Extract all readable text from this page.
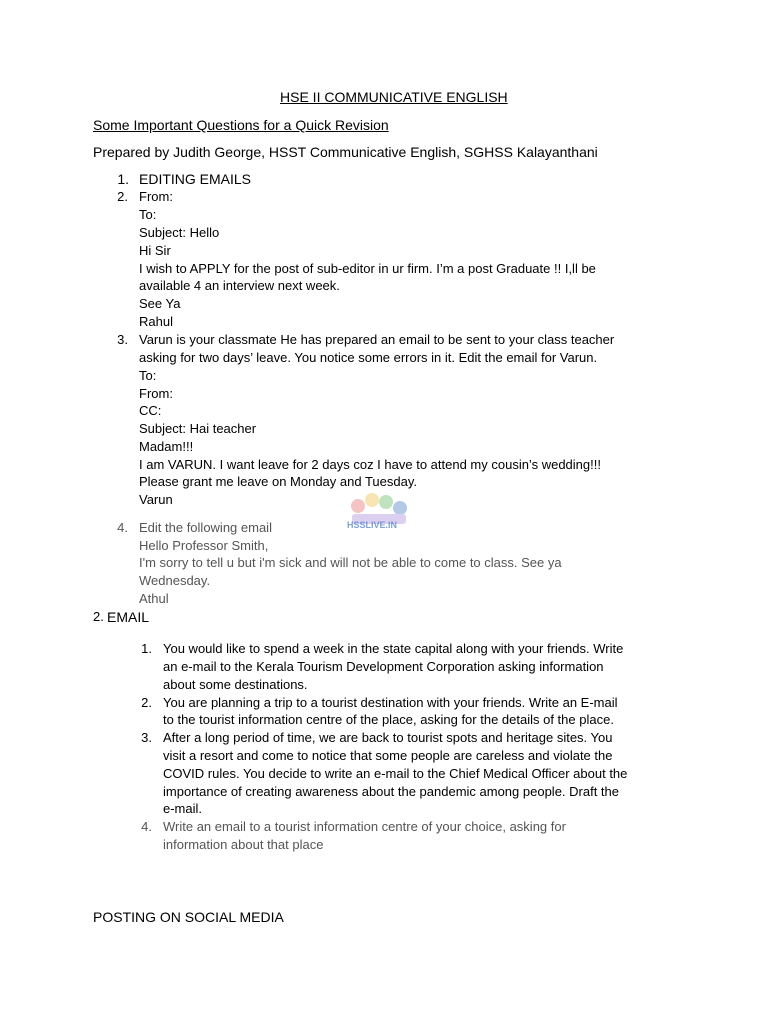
HSE II COMMUNICATIVE ENGLISH
Some Important Questions for a Quick Revision
Prepared by Judith George, HSST Communicative English, SGHSS Kalayanthani
1. EDITING EMAILS
2. From:
To:
Subject: Hello
Hi Sir
I wish to APPLY for the post of sub-editor in ur firm. I’m a post Graduate !! I,ll be
available 4 an interview next week.
See Ya
Rahul
3. Varun is your classmate He has prepared an email to be sent to your class teacher
asking for two days’ leave. You notice some errors in it. Edit the email for Varun.
To:
From:
CC:
Subject: Hai teacher
Madam!!!
I am VARUN. I want leave for 2 days coz I have to attend my cousin’s wedding!!!
Please grant me leave on Monday and Tuesday.
Varun
HSSLIVE.IN
4. Edit the following email
Hello Professor Smith,
I'm sorry to tell u but i'm sick and will not be able to come to class. See ya
Wednesday.
Athul
2. EMAIL
1. You would like to spend a week in the state capital along with your friends. Write
an e-mail to the Kerala Tourism Development Corporation asking information
about some destinations.
2. You are planning a trip to a tourist destination with your friends. Write an E-mail
to the tourist information centre of the place, asking for the details of the place.
3. After a long period of time, we are back to tourist spots and heritage sites. You
visit a resort and come to notice that some people are careless and violate the
COVID rules. You decide to write an e-mail to the Chief Medical Officer about the
importance of creating awareness about the pandemic among people. Draft the
e-mail.
4. Write an email to a tourist information centre of your choice, asking for
information about that place
POSTING ON SOCIAL MEDIA
